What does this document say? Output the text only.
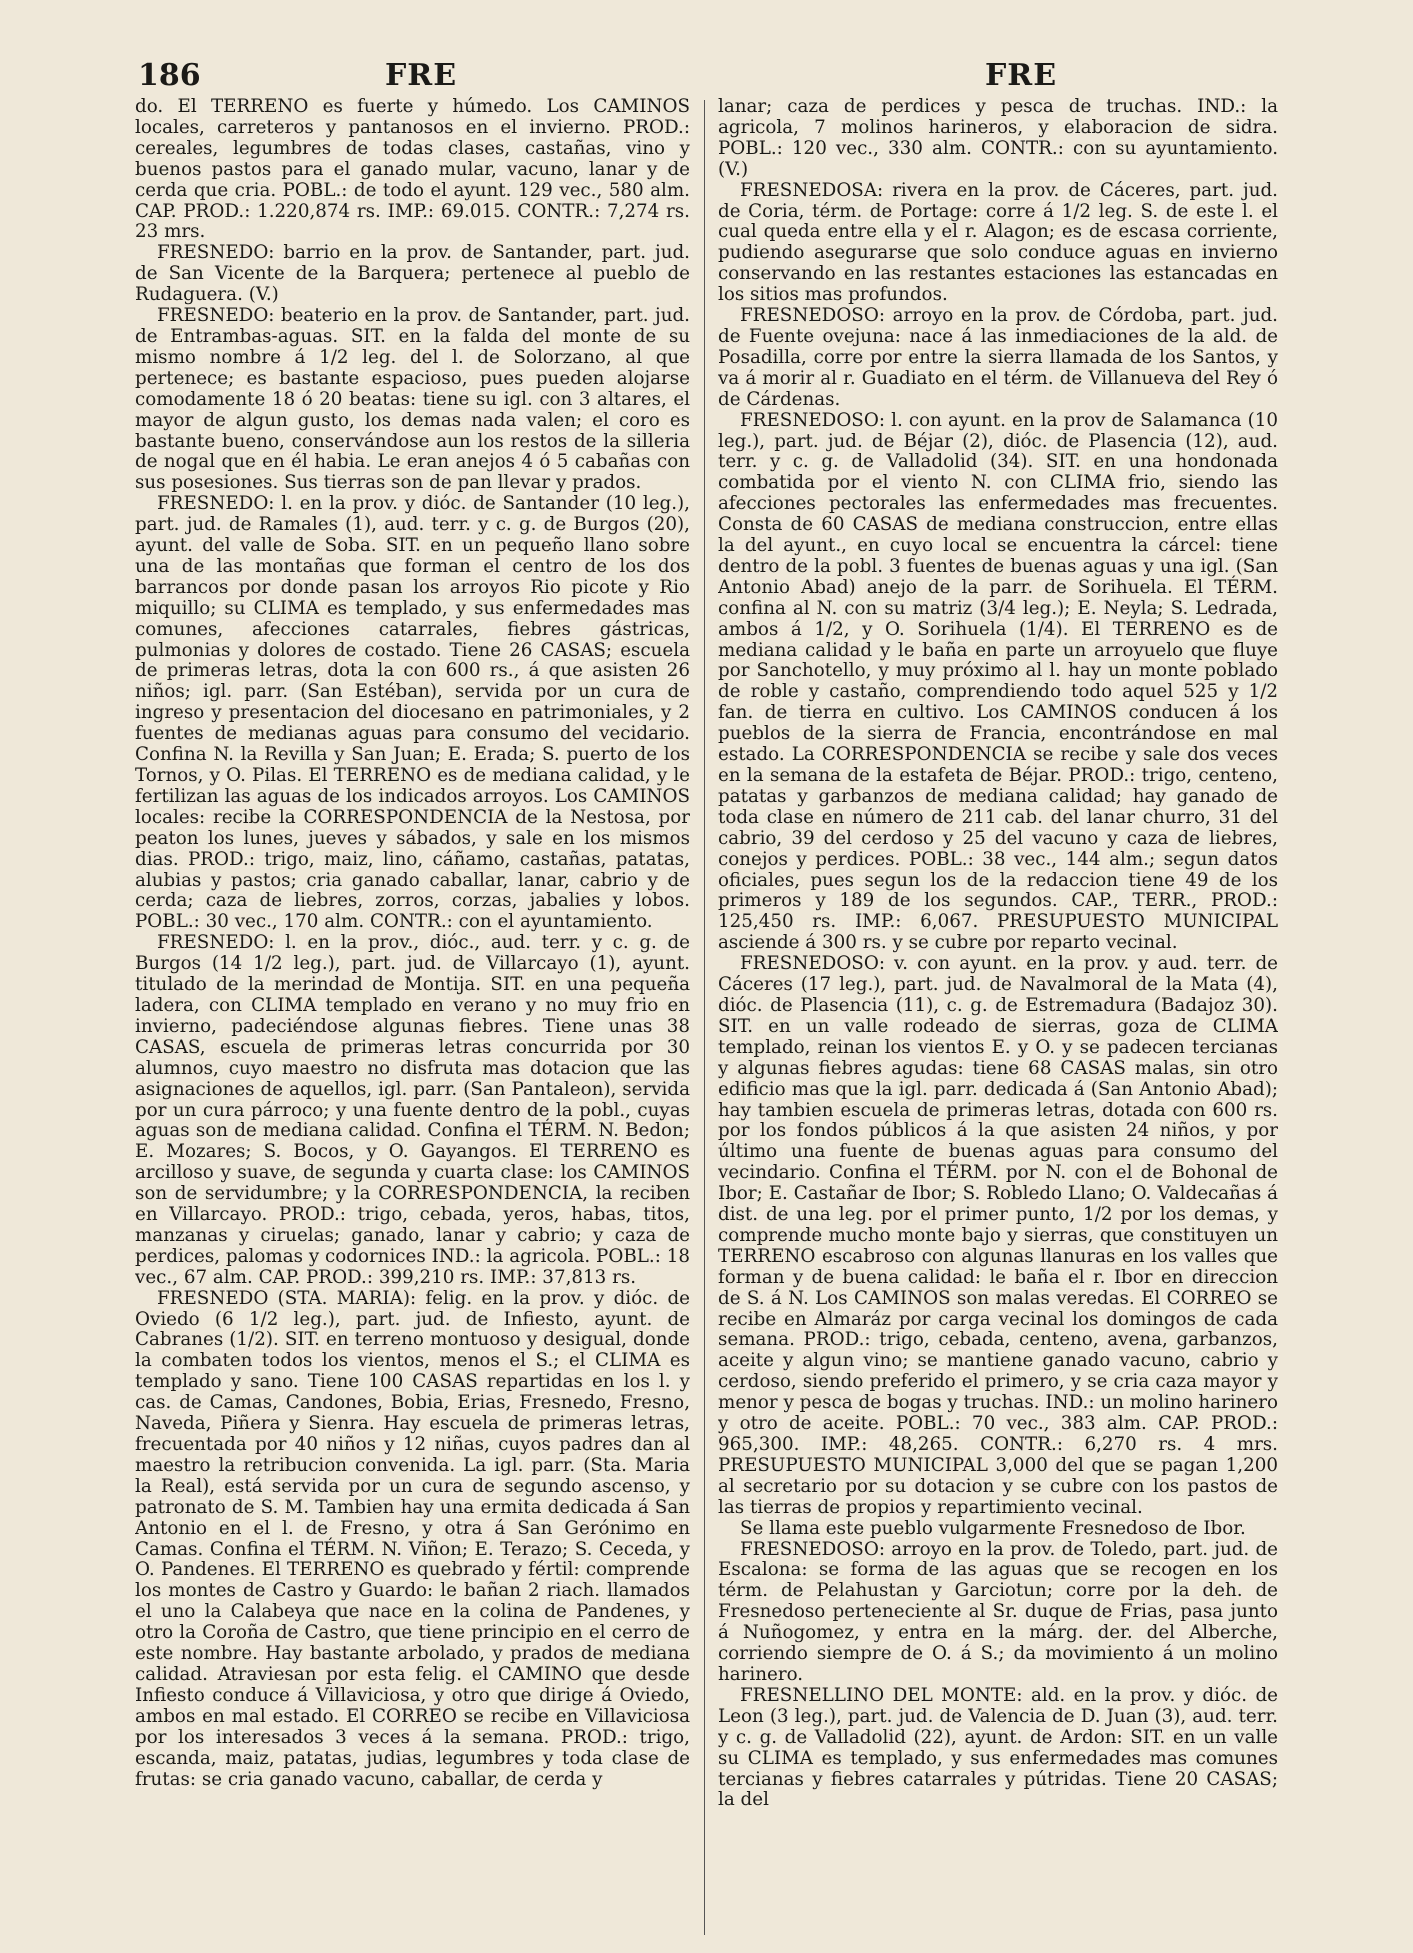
186	FRE	FRE

do. El TERRENO es fuerte y húmedo. Los CAMINOS locales, carreteros y pantanosos en el invierno. PROD.: cereales, legumbres de todas clases, castañas, vino y buenos pastos para el ganado mular, vacuno, lanar y de cerda que cria. POBL.: de todo el ayunt. 129 vec., 580 alm. CAP. PROD.: 1.220,874 rs. IMP.: 69.015. CONTR.: 7,274 rs. 23 mrs.

FRESNEDO: barrio en la prov. de Santander, part. jud. de San Vicente de la Barquera; pertenece al pueblo de Rudaguera. (V.)

FRESNEDO: beaterio en la prov. de Santander, part. jud. de Entrambas-aguas. SIT. en la falda del monte de su mismo nombre á 1/2 leg. del l. de Solorzano, al que pertenece; es bastante espacioso, pues pueden alojarse comodamente 18 ó 20 beatas: tiene su igl. con 3 altares, el mayor de algun gusto, los demas nada valen; el coro es bastante bueno, conservándose aun los restos de la silleria de nogal que en él habia. Le eran anejos 4 ó 5 cabañas con sus posesiones. Sus tierras son de pan llevar y prados.

FRESNEDO: l. en la prov. y dióc. de Santander (10 leg.), part. jud. de Ramales (1), aud. terr. y c. g. de Burgos (20), ayunt. del valle de Soba. SIT. en un pequeño llano sobre una de las montañas que forman el centro de los dos barrancos por donde pasan los arroyos Rio picote y Rio miquillo; su CLIMA es templado, y sus enfermedades mas comunes, afecciones catarrales, fiebres gástricas, pulmonias y dolores de costado. Tiene 26 CASAS; escuela de primeras letras, dota la con 600 rs., á que asisten 26 niños; igl. parr. (San Estéban), servida por un cura de ingreso y presentacion del diocesano en patrimoniales, y 2 fuentes de medianas aguas para consumo del vecidario. Confina N. la Revilla y San Juan; E. Erada; S. puerto de los Tornos, y O. Pilas. El TERRENO es de mediana calidad, y le fertilizan las aguas de los indicados arroyos. Los CAMINOS locales: recibe la CORRESPONDENCIA de la Nestosa, por peaton los lunes, jueves y sábados, y sale en los mismos dias. PROD.: trigo, maiz, lino, cáñamo, castañas, patatas, alubias y pastos; cria ganado caballar, lanar, cabrio y de cerda; caza de liebres, zorros, corzas, jabalies y lobos. POBL.: 30 vec., 170 alm. CONTR.: con el ayuntamiento.

FRESNEDO: l. en la prov., dióc., aud. terr. y c. g. de Burgos (14 1/2 leg.), part. jud. de Villarcayo (1), ayunt. titulado de la merindad de Montija. SIT. en una pequeña ladera, con CLIMA templado en verano y no muy frio en invierno, padeciéndose algunas fiebres. Tiene unas 38 CASAS, escuela de primeras letras concurrida por 30 alumnos, cuyo maestro no disfruta mas dotacion que las asignaciones de aquellos, igl. parr. (San Pantaleon), servida por un cura párroco; y una fuente dentro de la pobl., cuyas aguas son de mediana calidad. Confina el TÉRM. N. Bedon; E. Mozares; S. Bocos, y O. Gayangos. El TERRENO es arcilloso y suave, de segunda y cuarta clase: los CAMINOS son de servidumbre; y la CORRESPONDENCIA, la reciben en Villarcayo. PROD.: trigo, cebada, yeros, habas, titos, manzanas y ciruelas; ganado, lanar y cabrio; y caza de perdices, palomas y codornices IND.: la agricola. POBL.: 18 vec., 67 alm. CAP. PROD.: 399,210 rs. IMP.: 37,813 rs.

FRESNEDO (STA. MARIA): felig. en la prov. y dióc. de Oviedo (6 1/2 leg.), part. jud. de Infiesto, ayunt. de Cabranes (1/2). SIT. en terreno montuoso y desigual, donde la combaten todos los vientos, menos el S.; el CLIMA es templado y sano. Tiene 100 CASAS repartidas en los l. y cas. de Camas, Candones, Bobia, Erias, Fresnedo, Fresno, Naveda, Piñera y Sienra. Hay escuela de primeras letras, frecuentada por 40 niños y 12 niñas, cuyos padres dan al maestro la retribucion convenida. La igl. parr. (Sta. Maria la Real), está servida por un cura de segundo ascenso, y patronato de S. M. Tambien hay una ermita dedicada á San Antonio en el l. de Fresno, y otra á San Gerónimo en Camas. Confina el TÉRM. N. Viñon; E. Terazo; S. Ceceda, y O. Pandenes. El TERRENO es quebrado y fértil: comprende los montes de Castro y Guardo: le bañan 2 riach. llamados el uno la Calabeya que nace en la colina de Pandenes, y otro la Coroña de Castro, que tiene principio en el cerro de este nombre. Hay bastante arbolado, y prados de mediana calidad. Atraviesan por esta felig. el CAMINO que desde Infiesto conduce á Villaviciosa, y otro que dirige á Oviedo, ambos en mal estado. El CORREO se recibe en Villaviciosa por los interesados 3 veces á la semana. PROD.: trigo, escanda, maiz, patatas, judias, legumbres y toda clase de frutas: se cria ganado vacuno, caballar, de cerda y

lanar; caza de perdices y pesca de truchas. IND.: la agricola, 7 molinos harineros, y elaboracion de sidra. POBL.: 120 vec., 330 alm. CONTR.: con su ayuntamiento. (V.)

FRESNEDOSA: rivera en la prov. de Cáceres, part. jud. de Coria, térm. de Portage: corre á 1/2 leg. S. de este l. el cual queda entre ella y el r. Alagon; es de escasa corriente, pudiendo asegurarse que solo conduce aguas en invierno conservando en las restantes estaciones las estancadas en los sitios mas profundos.

FRESNEDOSO: arroyo en la prov. de Córdoba, part. jud. de Fuente ovejuna: nace á las inmediaciones de la ald. de Posadilla, corre por entre la sierra llamada de los Santos, y va á morir al r. Guadiato en el térm. de Villanueva del Rey ó de Cárdenas.

FRESNEDOSO: l. con ayunt. en la prov de Salamanca (10 leg.), part. jud. de Béjar (2), dióc. de Plasencia (12), aud. terr. y c. g. de Valladolid (34). SIT. en una hondonada combatida por el viento N. con CLIMA frio, siendo las afecciones pectorales las enfermedades mas frecuentes. Consta de 60 CASAS de mediana construccion, entre ellas la del ayunt., en cuyo local se encuentra la cárcel: tiene dentro de la pobl. 3 fuentes de buenas aguas y una igl. (San Antonio Abad) anejo de la parr. de Sorihuela. El TÉRM. confina al N. con su matriz (3/4 leg.); E. Neyla; S. Ledrada, ambos á 1/2, y O. Sorihuela (1/4). El TERRENO es de mediana calidad y le baña en parte un arroyuelo que fluye por Sanchotello, y muy próximo al l. hay un monte poblado de roble y castaño, comprendiendo todo aquel 525 y 1/2 fan. de tierra en cultivo. Los CAMINOS conducen á los pueblos de la sierra de Francia, encontrándose en mal estado. La CORRESPONDENCIA se recibe y sale dos veces en la semana de la estafeta de Béjar. PROD.: trigo, centeno, patatas y garbanzos de mediana calidad; hay ganado de toda clase en número de 211 cab. del lanar churro, 31 del cabrio, 39 del cerdoso y 25 del vacuno y caza de liebres, conejos y perdices. POBL.: 38 vec., 144 alm.; segun datos oficiales, pues segun los de la redaccion tiene 49 de los primeros y 189 de los segundos. CAP., TERR., PROD.: 125,450 rs. IMP.: 6,067. PRESUPUESTO MUNICIPAL asciende á 300 rs. y se cubre por reparto vecinal.

FRESNEDOSO: v. con ayunt. en la prov. y aud. terr. de Cáceres (17 leg.), part. jud. de Navalmoral de la Mata (4), dióc. de Plasencia (11), c. g. de Estremadura (Badajoz 30). SIT. en un valle rodeado de sierras, goza de CLIMA templado, reinan los vientos E. y O. y se padecen tercianas y algunas fiebres agudas: tiene 68 CASAS malas, sin otro edificio mas que la igl. parr. dedicada á (San Antonio Abad); hay tambien escuela de primeras letras, dotada con 600 rs. por los fondos públicos á la que asisten 24 niños, y por último una fuente de buenas aguas para consumo del vecindario. Confina el TÉRM. por N. con el de Bohonal de Ibor; E. Castañar de Ibor; S. Robledo Llano; O. Valdecañas á dist. de una leg. por el primer punto, 1/2 por los demas, y comprende mucho monte bajo y sierras, que constituyen un TERRENO escabroso con algunas llanuras en los valles que forman y de buena calidad: le baña el r. Ibor en direccion de S. á N. Los CAMINOS son malas veredas. El CORREO se recibe en Almaráz por carga vecinal los domingos de cada semana. PROD.: trigo, cebada, centeno, avena, garbanzos, aceite y algun vino; se mantiene ganado vacuno, cabrio y cerdoso, siendo preferido el primero, y se cria caza mayor y menor y pesca de bogas y truchas. IND.: un molino harinero y otro de aceite. POBL.: 70 vec., 383 alm. CAP. PROD.: 965,300. IMP.: 48,265. CONTR.: 6,270 rs. 4 mrs. PRESUPUESTO MUNICIPAL 3,000 del que se pagan 1,200 al secretario por su dotacion y se cubre con los pastos de las tierras de propios y repartimiento vecinal.

Se llama este pueblo vulgarmente Fresnedoso de Ibor.

FRESNEDOSO: arroyo en la prov. de Toledo, part. jud. de Escalona: se forma de las aguas que se recogen en los térm. de Pelahustan y Garciotun; corre por la deh. de Fresnedoso perteneciente al Sr. duque de Frias, pasa junto á Nuñogomez, y entra en la márg. der. del Alberche, corriendo siempre de O. á S.; da movimiento á un molino harinero.

FRESNELLINO DEL MONTE: ald. en la prov. y dióc. de Leon (3 leg.), part. jud. de Valencia de D. Juan (3), aud. terr. y c. g. de Valladolid (22), ayunt. de Ardon: SIT. en un valle su CLIMA es templado, y sus enfermedades mas comunes tercianas y fiebres catarrales y pútridas. Tiene 20 CASAS; la del
